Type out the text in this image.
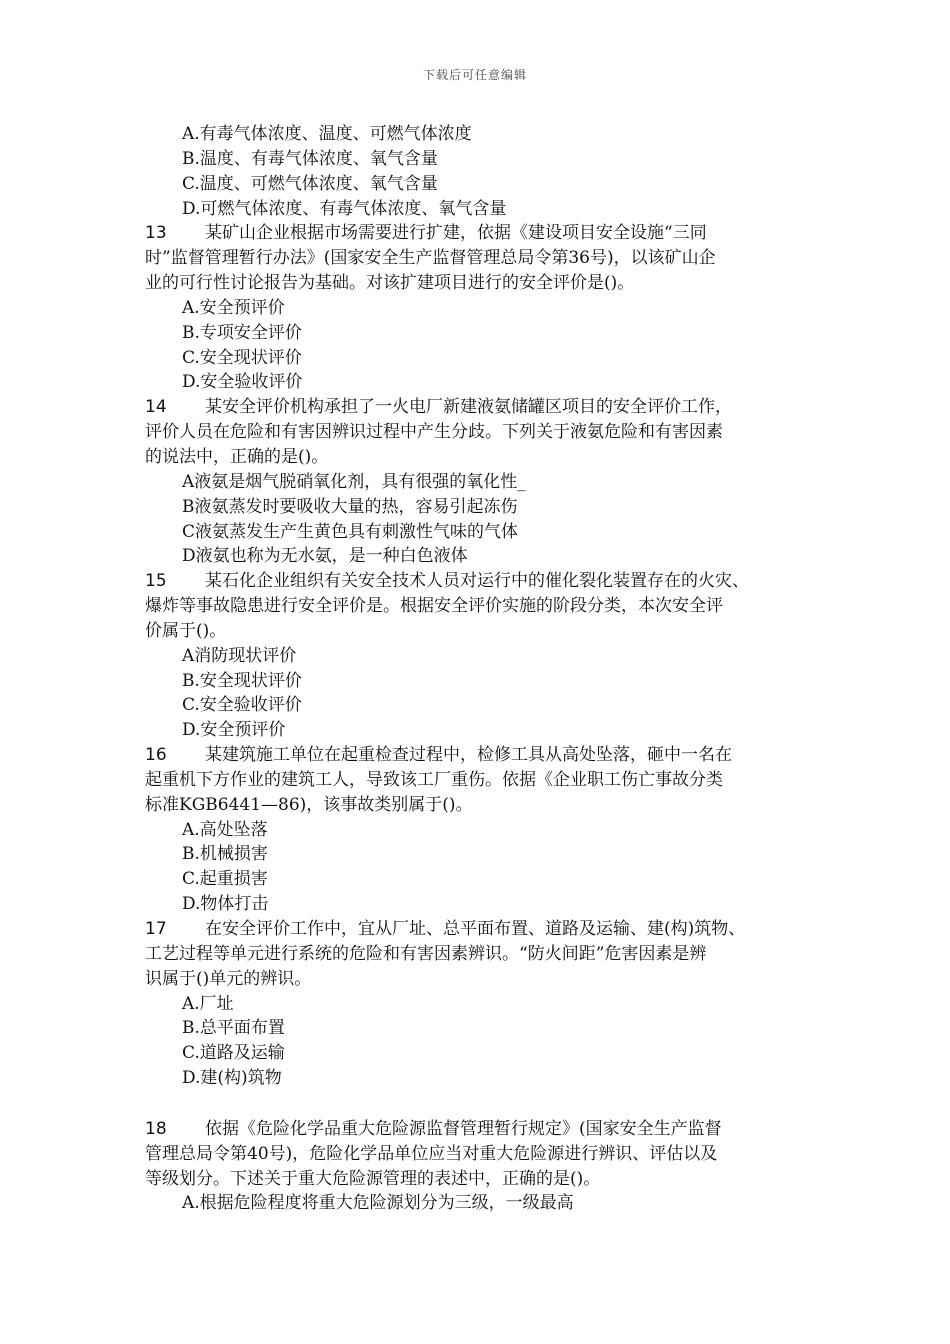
下载后可任意编辑
A.有毒气体浓度、温度、可燃气体浓度
B.温度、有毒气体浓度、氧气含量
C.温度、可燃气体浓度、氧气含量
D.可燃气体浓度、有毒气体浓度、氧气含量
13 某矿山企业根据市场需要进行扩建，依据《建设项目安全设施“三同
时”监督管理暂行办法》(国家安全生产监督管理总局令第36号)，以该矿山企
业的可行性讨论报告为基础。对该扩建项目进行的安全评价是()。
A.安全预评价
B.专项安全评价
C.安全现状评价
D.安全验收评价
14 某安全评价机构承担了一火电厂新建液氨储罐区项目的安全评价工作，
评价人员在危险和有害因辨识过程中产生分歧。下列关于液氨危险和有害因素
的说法中，正确的是()。
A液氨是烟气脱硝氧化剂，具有很强的氧化性_
B液氨蒸发时要吸收大量的热，容易引起冻伤
C液氨蒸发生产生黄色具有刺激性气味的气体
D液氨也称为无水氨，是一种白色液体
15 某石化企业组织有关安全技术人员对运行中的催化裂化装置存在的火灾、
爆炸等事故隐患进行安全评价是。根据安全评价实施的阶段分类，本次安全评
价属于()。
A消防现状评价
B.安全现状评价
C.安全验收评价
D.安全预评价
16 某建筑施工单位在起重检查过程中，检修工具从高处坠落，砸中一名在
起重机下方作业的建筑工人，导致该工厂重伤。依据《企业职工伤亡事故分类
标准KGB6441—86)，该事故类别属于()。
A.高处坠落
B.机械损害
C.起重损害
D.物体打击
17 在安全评价工作中，宜从厂址、总平面布置、道路及运输、建(构)筑物、
工艺过程等单元进行系统的危险和有害因素辨识。“防火间距”危害因素是辨
识属于()单元的辨识。
A.厂址
B.总平面布置
C.道路及运输
D.建(构)筑物
18 依据《危险化学品重大危险源监督管理暂行规定》(国家安全生产监督
管理总局令第40号)，危险化学品单位应当对重大危险源进行辨识、评估以及
等级划分。下述关于重大危险源管理的表述中，正确的是()。
A.根据危险程度将重大危险源划分为三级，一级最高
